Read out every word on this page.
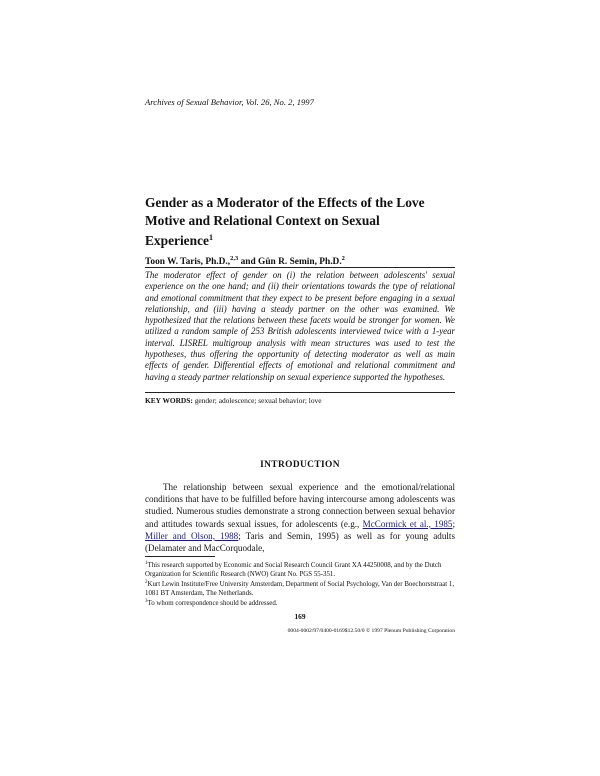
Archives of Sexual Behavior, Vol. 26, No. 2, 1997
Gender as a Moderator of the Effects of the Love Motive and Relational Context on Sexual Experience$^1$
Toon W. Taris, Ph.D.,$^{2,3}$ and Gün R. Semin, Ph.D.$^2$

The moderator effect of gender on (i) the relation between adolescents' sexual experience on the one hand; and (ii) their orientations towards the type of relational and emotional commitment that they expect to be present before engaging in a sexual relationship, and (iii) having a steady partner on the other was examined. We hypothesized that the relations between these facets would be stronger for women. We utilized a random sample of 253 British adolescents interviewed twice with a 1-year interval. LISREL multigroup analysis with mean structures was used to test the hypotheses, thus offering the opportunity of detecting moderator as well as main effects of gender. Differential effects of emotional and relational commitment and having a steady partner relationship on sexual experience supported the hypotheses.

KEY WORDS: gender; adolescence; sexual behavior; love
INTRODUCTION

The relationship between sexual experience and the emotional/relational conditions that have to be fulfilled before having intercourse among adolescents was studied. Numerous studies demonstrate a strong connection between sexual behavior and attitudes towards sexual issues, for adolescents (e.g., McCormick et al., 1985; Miller and Olson, 1988; Taris and Semin, 1995) as well as for young adults (Delamater and MacCorquodale,

$^1$This research supported by Economic and Social Research Council Grant XA 44250008, and by the Dutch Organization for Scientific Research (NWO) Grant No. PGS 55-351.

$^2$Kurt Lewin Institute/Free University Amsterdam, Department of Social Psychology, Van der Boechorststraat 1, 1081 BT Amsterdam, The Netherlands.

$^3$To whom correspondence should be addressed.

169
0004-0002/97/0400-0169$12.50/0 © 1997 Plenum Publishing Corporation
